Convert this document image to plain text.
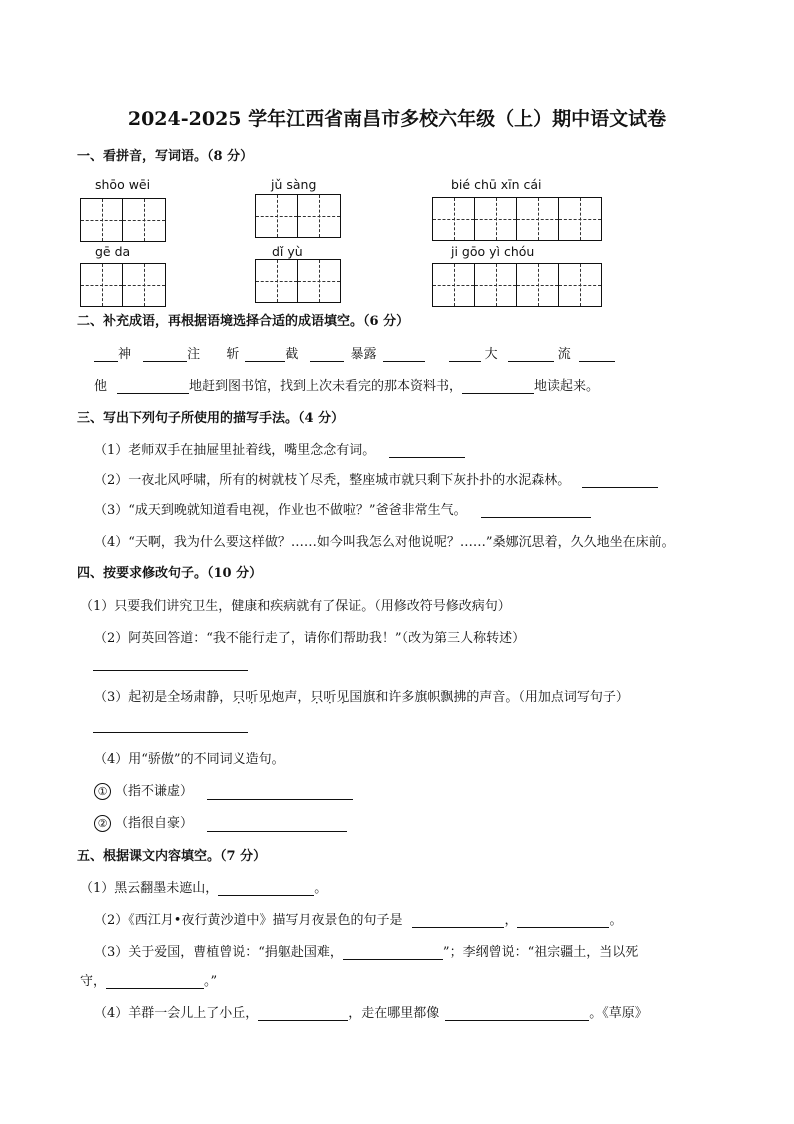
2024-2025 学年江西省南昌市多校六年级（上）期中语文试卷
一、看拼音，写词语。（8 分）
shōo wēi	jǔ sàng	bié chū xīn cái
gē da	dǐ yù	ji gōo yì chóu
二、补充成语，再根据语境选择合适的成语填空。（6 分）
神	注 斩	截	暴露	大	流
他	地赶到图书馆，找到上次未看完的那本资料书，	地读起来。
三、写出下列句子所使用的描写手法。（4 分）
（1）老师双手在抽屉里扯着线，嘴里念念有词。
（2）一夜北风呼啸，所有的树就枝丫尽秃，整座城市就只剩下灰扑扑的水泥森林。
（3）“成天到晚就知道看电视，作业也不做啦？”爸爸非常生气。
（4）“天啊，我为什么要这样做？……如今叫我怎么对他说呢？……”桑娜沉思着，久久地坐在床前。
四、按要求修改句子。（10 分）
（1）只要我们讲究卫生，健康和疾病就有了保证。（用修改符号修改病句）
（2）阿英回答道：“我不能行走了，请你们帮助我！”（改为第三人称转述）
（3）起初是全场肃静，只听见炮声，只听见国旗和许多旗帜飘拂的声音。（用加点词写句子）
（4）用“骄傲”的不同词义造句。
① （指不谦虚）
② （指很自豪）
五、根据课文内容填空。（7 分）
（1）黑云翻墨未遮山，	。
（2）《西江月•夜行黄沙道中》描写月夜景色的句子是	，	。
（3）关于爱国，曹植曾说：“捐躯赴国难，	”；李纲曾说：“祖宗疆土，当以死
守，	。”
（4）羊群一会儿上了小丘，	，走在哪里都像	。《草原》
